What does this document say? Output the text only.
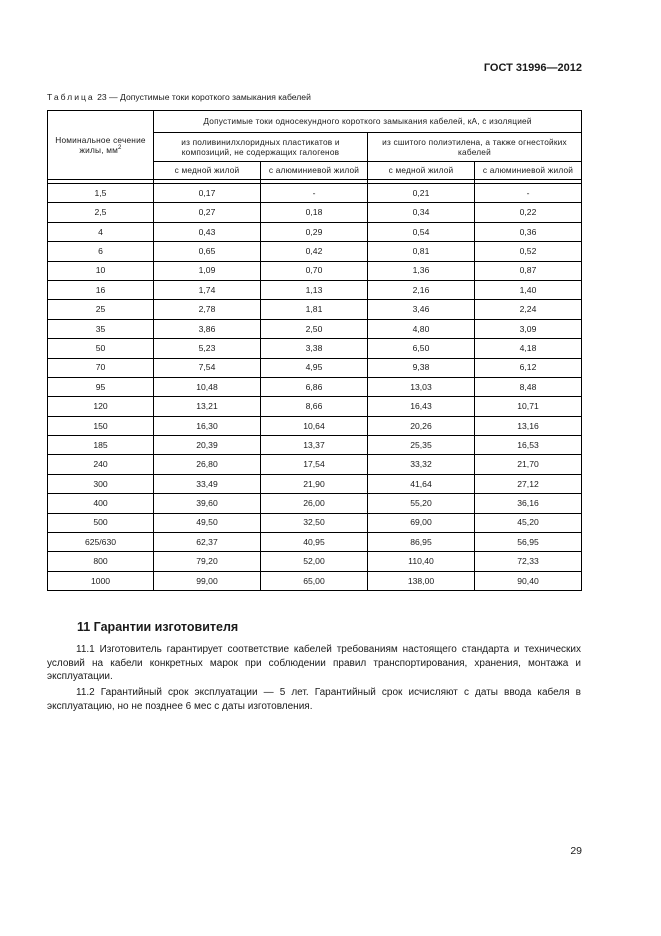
ГОСТ 31996—2012
Таблица 23 — Допустимые токи короткого замыкания кабелей
Номинальное сечение жилы, $мм^2$	Допустимые токи односекундного короткого замыкания кабелей, кА, с изоляцией			
	из поливинилхлоридных пластикатов и композиций, не содержащих галогенов		из сшитого полиэтилена, а также огнестойких кабелей	
	с медной жилой	с алюминиевой жилой	с медной жилой	с алюминиевой жилой

1,5	0,17	-	0,21	-
2,5	0,27	0,18	0,34	0,22
4	0,43	0,29	0,54	0,36
6	0,65	0,42	0,81	0,52
10	1,09	0,70	1,36	0,87
16	1,74	1,13	2,16	1,40
25	2,78	1,81	3,46	2,24
35	3,86	2,50	4,80	3,09
50	5,23	3,38	6,50	4,18
70	7,54	4,95	9,38	6,12
95	10,48	6,86	13,03	8,48
120	13,21	8,66	16,43	10,71
150	16,30	10,64	20,26	13,16
185	20,39	13,37	25,35	16,53
240	26,80	17,54	33,32	21,70
300	33,49	21,90	41,64	27,12
400	39,60	26,00	55,20	36,16
500	49,50	32,50	69,00	45,20
625/630	62,37	40,95	86,95	56,95
800	79,20	52,00	110,40	72,33
1000	99,00	65,00	138,00	90,40
11 Гарантии изготовителя
11.1 Изготовитель гарантирует соответствие кабелей требованиям настоящего стандарта и технических условий на кабели конкретных марок при соблюдении правил транспортирования, хранения, монтажа и эксплуатации.
11.2 Гарантийный срок эксплуатации — 5 лет. Гарантийный срок исчисляют с даты ввода кабеля в эксплуатацию, но не позднее 6 мес с даты изготовления.
29
